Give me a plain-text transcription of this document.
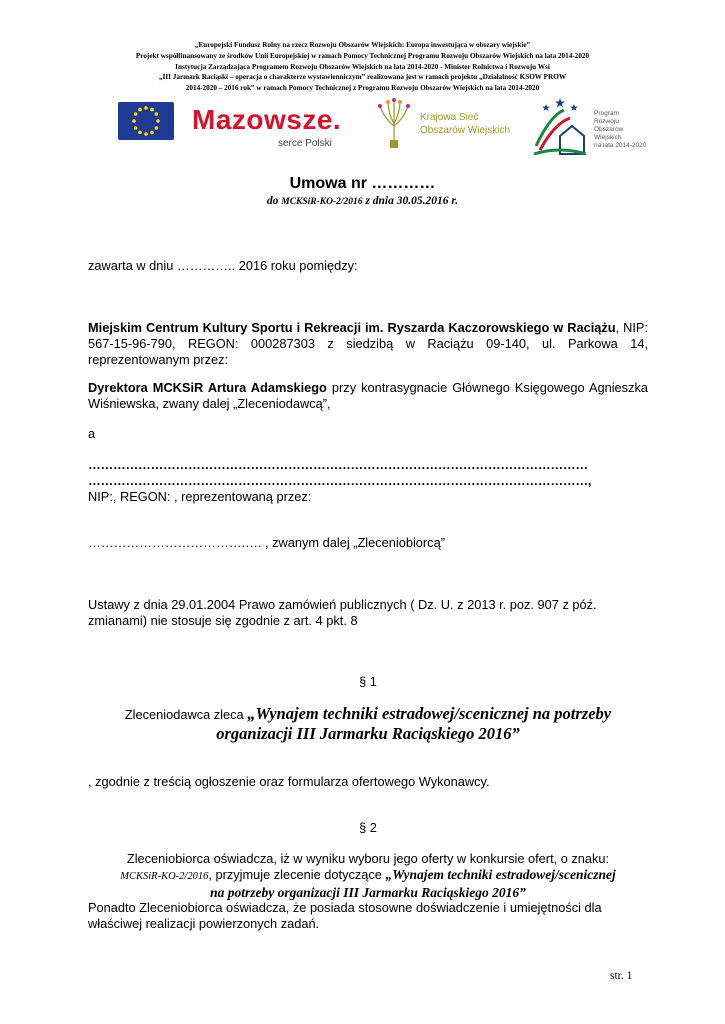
„Europejski Fundusz Rolny na rzecz Rozwoju Obszarów Wiejskich: Europa inwestująca w obszary wiejskie”
Projekt współfinansowany ze środków Unii Europejskiej w ramach Pomocy Technicznej Programu Rozwoju Obszarów Wiejskich na lata 2014-2020
Instytucja Zarządzająca Programem Rozwoju Obszarów Wiejskich na lata 2014-2020 - Minister Rolnictwa i Rozwoju Wsi
„III Jarmark Raciąski – operacja o charakterze wystawienniczym” realizowana jest w ramach projektu „Działalność KSOW PROW
2014-2020 – 2016 rok” w ramach Pomocy Technicznej z Programu Rozwoju Obszarów Wiejskich na lata 2014-2020
Mazowsze.
serce Polski
Krajowa Sieć
Obszarów Wiejskich
Program
Rozwoju
Obszarów
Wiejskich
na lata 2014-2020
Umowa nr …………
do MCKSiR-KO-2/2016 z dnia 30.05.2016 r.
zawarta w dniu ………….. 2016 roku pomiędzy:
Miejskim Centrum Kultury Sportu i Rekreacji im. Ryszarda Kaczorowskiego w Raciążu, NIP: 567-15-96-790, REGON: 000287303 z siedzibą w Raciążu 09-140, ul. Parkowa 14, reprezentowanym przez:
Dyrektora MCKSiR Artura Adamskiego przy kontrasygnacie Głównego Księgowego Agnieszka Wiśniewska, zwany dalej „Zleceniodawcą”,
a
…………………………………………………………………………………………………………
…………………………………………………………………………………………………………,
NIP:, REGON: , reprezentowaną przez:
……………………………….…. , zwanym dalej „Zleceniobiorcą”
Ustawy z dnia 29.01.2004 Prawo zamówień publicznych ( Dz. U. z 2013 r. poz. 907 z póź. zmianami) nie stosuje się zgodnie z art. 4 pkt. 8
§ 1
Zleceniodawca zleca „Wynajem techniki estradowej/scenicznej na potrzeby
organizacji III Jarmarku Raciąskiego 2016”
, zgodnie z treścią ogłoszenie oraz formularza ofertowego Wykonawcy.
§ 2
Zleceniobiorca oświadcza, iż w wyniku wyboru jego oferty w konkursie ofert, o znaku:
MCKSiR-KO-2/2016, przyjmuje zlecenie dotyczące „Wynajem techniki estradowej/scenicznej
na potrzeby organizacji III Jarmarku Raciąskiego 2016”
Ponadto Zleceniobiorca oświadcza, że posiada stosowne doświadczenie i umiejętności dla właściwej realizacji powierzonych zadań.
str. 1
